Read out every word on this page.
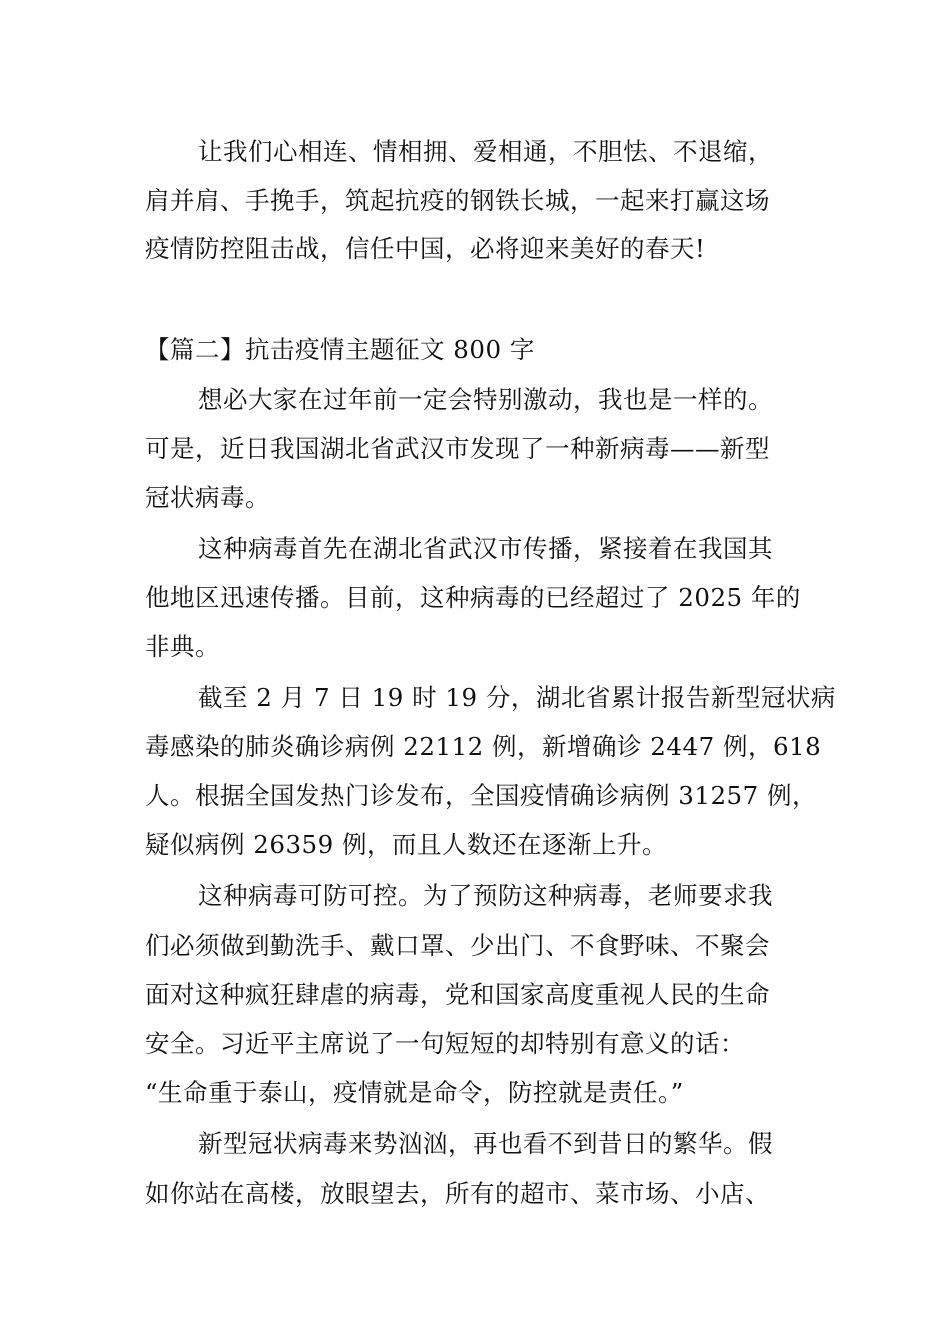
让我们心相连、情相拥、爱相通，不胆怯、不退缩，
肩并肩、手挽手，筑起抗疫的钢铁长城，一起来打赢这场
疫情防控阻击战，信任中国，必将迎来美好的春天!
【篇二】抗击疫情主题征文 800 字
想必大家在过年前一定会特别激动，我也是一样的。
可是，近日我国湖北省武汉市发现了一种新病毒——新型
冠状病毒。
这种病毒首先在湖北省武汉市传播，紧接着在我国其
他地区迅速传播。目前，这种病毒的已经超过了 2025 年的
非典。
截至 2 月 7 日 19 时 19 分，湖北省累计报告新型冠状病
毒感染的肺炎确诊病例 22112 例，新增确诊 2447 例，618
人。根据全国发热门诊发布，全国疫情确诊病例 31257 例，
疑似病例 26359 例，而且人数还在逐渐上升。
这种病毒可防可控。为了预防这种病毒，老师要求我
们必须做到勤洗手、戴口罩、少出门、不食野味、不聚会
面对这种疯狂肆虐的病毒，党和国家高度重视人民的生命
安全。习近平主席说了一句短短的却特别有意义的话：
“生命重于泰山，疫情就是命令，防控就是责任。”
新型冠状病毒来势汹汹，再也看不到昔日的繁华。假
如你站在高楼，放眼望去，所有的超市、菜市场、小店、
